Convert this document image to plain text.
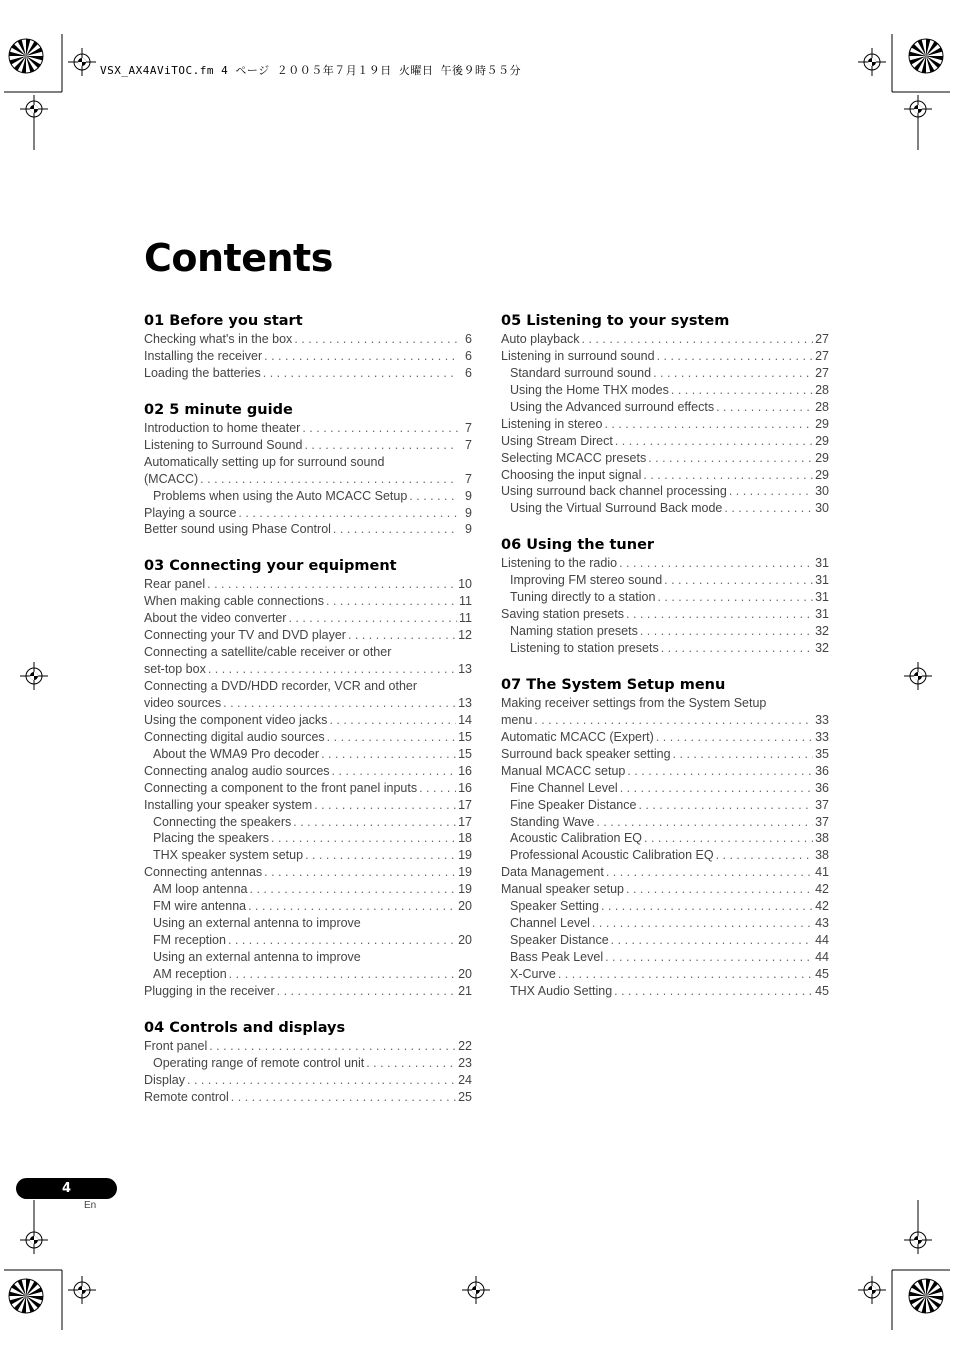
VSX_AX4AViTOC.fm 4 ページ ２００５年７月１９日 火曜日 午後９時５５分
Contents
01 Before you start
Checking what's in the box . . .	6
Installing the receiver . . .	6
Loading the batteries . . .	6
02 5 minute guide
Introduction to home theater . . .	7
Listening to Surround Sound . . .	7
Automatically setting up for surround sound
(MCACC) . . .	7
Problems when using the Auto MCACC Setup . . .	9
Playing a source . . .	9
Better sound using Phase Control . . .	9
03 Connecting your equipment
Rear panel . . .	10
When making cable connections . . .	11
About the video converter . . .	11
Connecting your TV and DVD player . . .	12
Connecting a satellite/cable receiver or other
set-top box . . .	13
Connecting a DVD/HDD recorder, VCR and other
video sources . . .	13
Using the component video jacks . . .	14
Connecting digital audio sources . . .	15
About the WMA9 Pro decoder . . .	15
Connecting analog audio sources . . .	16
Connecting a component to the front panel inputs . . .	16
Installing your speaker system . . .	17
Connecting the speakers . . .	17
Placing the speakers . . .	18
THX speaker system setup . . .	19
Connecting antennas . . .	19
AM loop antenna . . .	19
FM wire antenna . . .	20
Using an external antenna to improve
FM reception . . .	20
Using an external antenna to improve
AM reception . . .	20
Plugging in the receiver . . .	21
04 Controls and displays
Front panel . . .	22
Operating range of remote control unit . . .	23
Display . . .	24
Remote control . . .	25
05 Listening to your system
Auto playback . . .	27
Listening in surround sound . . .	27
Standard surround sound . . .	27
Using the Home THX modes . . .	28
Using the Advanced surround effects . . .	28
Listening in stereo . . .	29
Using Stream Direct . . .	29
Selecting MCACC presets . . .	29
Choosing the input signal . . .	29
Using surround back channel processing . . .	30
Using the Virtual Surround Back mode . . .	30
06 Using the tuner
Listening to the radio . . .	31
Improving FM stereo sound . . .	31
Tuning directly to a station . . .	31
Saving station presets . . .	31
Naming station presets . . .	32
Listening to station presets . . .	32
07 The System Setup menu
Making receiver settings from the System Setup
menu . . .	33
Automatic MCACC (Expert) . . .	33
Surround back speaker setting . . .	35
Manual MCACC setup . . .	36
Fine Channel Level . . .	36
Fine Speaker Distance . . .	37
Standing Wave . . .	37
Acoustic Calibration EQ . . .	38
Professional Acoustic Calibration EQ . . .	38
Data Management . . .	41
Manual speaker setup . . .	42
Speaker Setting . . .	42
Channel Level . . .	43
Speaker Distance . . .	44
Bass Peak Level . . .	44
X-Curve . . .	45
THX Audio Setting . . .	45
4
En
